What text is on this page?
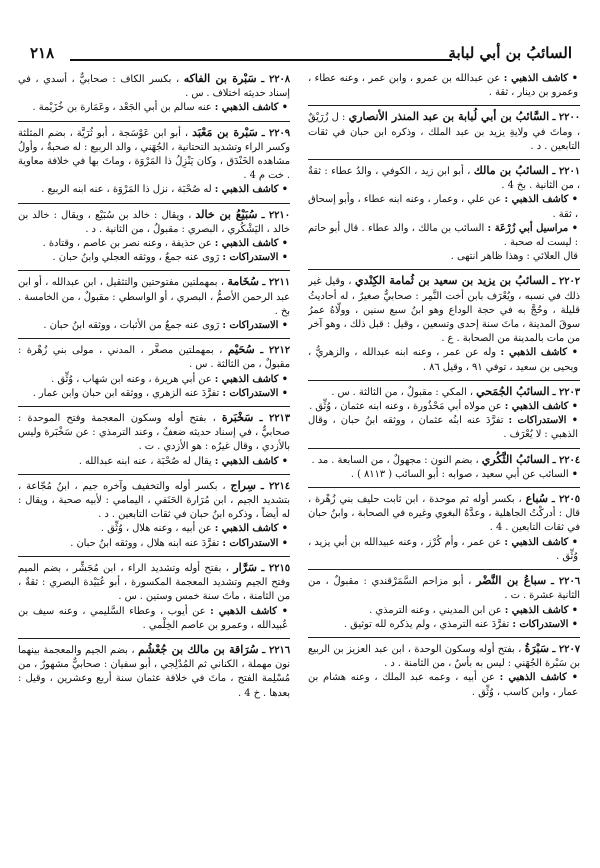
السائبُ بن أبي لبابة
٢١٨

• كاشف الذهبي : عن عبدالله بن عمرو ، وابن عمر ، وعنه عطاء ، وعمرو بن دينار ، ثقة .

٢٢٠٠ ـ السَّائبُ بن أبي لُبابة بن عبد المنذر الأنصاري : ل زُرَيْقٌ ، وماتَ في ولايةِ يزيد بن عبد الملك ، وذكره ابن حبان في ثقات التابعين . د .

٢٢٠١ ـ السائبُ بن مالك ، أبو ابن زيد ، الكوفي ، والدُ عطاء : ثقةٌ ، من الثانية . بخ 4 .

• كاشف الذهبي : عن علي ، وعمار ، وعنه ابنه عطاء ، وأبو إسحاق ، ثقة .

• مراسيل أبي زُرْعَة : السائب بن مالك ، والد عطاء . قال أبو حاتم : ليست له صحبة .

قال العلائي : وهذا ظاهر انتهى .

٢٢٠٢ ـ السائبُ بن يزيد بن سعيد بن ثُمامة الكِنْدي ، وقيل غير ذلك في نسبه ، ويُعْرَف بابن أخت النَّمِر : صحابيٌّ صغيرٌ ، له أحاديثُ قليلة ، وحُجَّ به في حجة الوداع وهو ابنُ سبع سنين ، وولّاهُ عمرُ سوقَ المدينة ، ماتَ سنة إحدى وتسعين ، وقيل : قبل ذلك ، وهو آخر من مات بالمدينة من الصحابة . ع .

• كاشف الذهبي : وله عن عمر ، وعنه ابنه عبدالله ، والزهريُّ ، ويحيى بن سعيد ، توفي ٩١ ، وقيل ٨٦ .

٢٢٠٣ ـ السائبُ الجُمَحي ، المكي : مقبولٌ ، من الثالثة . س .

• كاشف الذهبي : عن مولاه أبي مَحْذُورة ، وعنه ابنه عثمان ، وُثِّق .

• الاستدراكات : تفرَّدَ عنه ابنُه عثمان ، ووثقه ابنُ حبان ، وقال الذهبي : لا يُعْرَف .

٢٢٠٤ ـ السائبُ الثَّكُري ، بضم النون : مجهولٌ ، من السابعة . مد .

• السائب عن أبي سعيد ، صوابه : أبو السائب ( ٨١١٣ ) .

٢٢٠٥ ـ سُباع ، بكسر أوله ثم موحدة ، ابن ثابت حليف بني زُهْرة ، قال : أدركْتُ الجاهلية ، وعدَّهُ البغوي وغيره في الصحابة ، وابنُ حبان في ثقات التابعين . 4 .

• كاشف الذهبي : عن عمر ، وأم كُرْز ، وعنه عبيدالله بن أبي يزيد ، وُثِّق .

٢٢٠٦ ـ سباعُ بن النَّضْر ، أبو مزاحم السَّمَرْقندي : مقبولٌ ، من الثانية عشرة . ت .

• كاشف الذهبي : عن ابن المديني ، وعنه الترمذي .

• الاستدراكات : تفرَّدَ عنه الترمذي ، ولم يذكره لله توثيق .

٢٢٠٧ ـ سَبْرَةُ ، بفتح أوله وسكون الوحدة ، ابن عبد العزيز بن الربيع بن سَبْرة الجُهَني : ليس به بأسٌ ، من الثامنة . د .

• كاشف الذهبي : عن أبيه ، وعمه عبد الملك ، وعنه هشام بن عمار ، وابن كاسب ، وُثِّق .

٢٢٠٨ ـ سَبْرة بن الفاكه ، بكسر الكاف : صحابيٌّ ، أسدي ، في إسناد حديثه اختلاف . س .

• كاشف الذهبي : عنه سالم بن أبي الجَعْد ، وعَمَارة بن خُزَيْمة .

٢٢٠٩ ـ سَبْرة بن مَعْبَد ، أبو ابن عَوْسَجة ، أبو ثُرَيَّة ، بضم المثلثة وكسر الراء وتشديد التحتانية ، الجُهَني ، والد الربيع : له صحبةٌ ، وأولُ مشاهده الخَنْدَق ، وكان يَنْزِلُ ذا المَرْوَة ، وماتَ بها في خلافة معاوية . خت م 4 .

• كاشف الذهبي : له صُحْبَة ، نزل ذا المَرْوَة ، عنه ابنه الربيع .

٢٢١٠ ـ سُبَيْعُ بن خالد ، ويقال : خالد بن سُبَيْع ، ويقال : خالد بن خالد ، اليَشْكُري ، البصري : مقبولٌ ، من الثانية . د .

• كاشف الذهبي : عن حذيفة ، وعنه نصر بن عاصم ، وقتادة .

• الاستدراكات : رَوى عنه جمعٌ ، ووثقه العجلي وابنُ حبان .

٢٢١١ ـ سُخَامة ، بمهملتين مفتوحتين والتثقيل ، ابن عبدالله ، أو ابن عبد الرحمن الأصمُّ ، البصري ، أو الواسطي : مقبولٌ ، من الخامسة . بخ .

• الاستدراكات : رَوى عنه جمعٌ من الأثبات ، ووثقه ابنُ حبان .

٢٢١٢ ـ سُحَيْم ، بمهملتين مصغَّر ، المدني ، مولى بني زُهْرة : مقبولٌ ، من الثالثة . س .

• كاشف الذهبي : عن أبي هريرة ، وعنه ابن شهاب ، وُثِّق .

• الاستدراكات : تفرَّدَ عنه الزهري ، ووثقه ابن حبان وابن عمار .

٢٢١٣ ـ سَخْبَرة ، بفتح أوله وسكون المعجمة وفتح الموحدة : صحابيٌّ ، في إسناد حديثه ضعفٌ ، وعند الترمذي : عن سَخْبَرة وليس بالأزدي ، وقال غيرُه : هو الأزدي . ت .

• كاشف الذهبي : يقال له صُحْبَة ، عنه ابنه عبدالله .

٢٢١٤ ـ سِراج ، بكسر أوله والتخفيف وآخره جيم ، ابنُ مُجّاعة ، بتشديد الجيم ، ابن مُرَارة الحَنَفي ، اليمامي : لأبيه صحبة ، ويقال : له أيضاً ، وذكره ابنُ حبان في ثقات التابعين . د .

• كاشف الذهبي : عن أبيه ، وعنه هلال ، وُثِّق .

• الاستدراكات : تفرَّدَ عنه ابنه هلال ، ووثقه ابنُ حبان .

٢٢١٥ ـ سَرَّار ، بفتح أوله وتشديد الراء ، ابن مُجَشِّر ، بضم الميم وفتح الجيم وتشديد المعجمة المكسورة ، أبو عُبَيْدة البصري : ثقةٌ ، من الثامنة ، ماتَ سنة خمس وستين . س .

• كاشف الذهبي : عن أيوب ، وعطاء السَّليمي ، وعنه سيف بن عُبيدالله ، وعمرو بن عاصم الخِلْمي .

٢٢١٦ ـ سُرَاقة بن مالك بن جُعْشُم ، بضم الجيم والمعجمة بينهما نون مهملة ، الكناني ثم المُدْلِجي ، أبو سفيان : صحابيٌّ مشهورٌ ، من مُسْلِمة الفتح ، ماتَ في خلافة عثمان سنة أربع وعشرين ، وقيل : بعدها . خ 4 .
